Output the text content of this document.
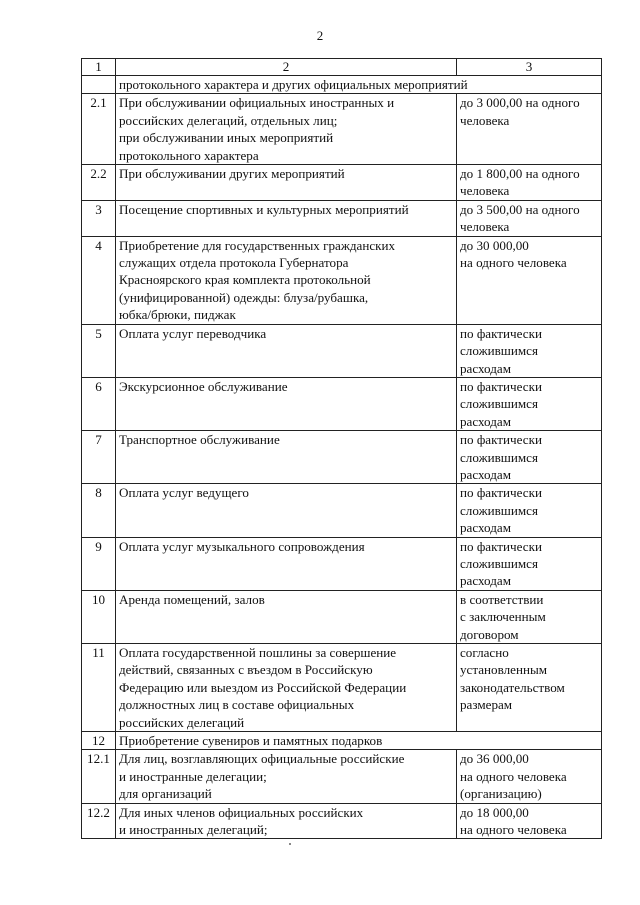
2
1	2	3
	протокольного характера и других официальных мероприятий	
2.1	При обслуживании официальных иностранных и
российских делегаций, отдельных лиц;
при обслуживании иных мероприятий
протокольного характера	до 3 000,00 на одного
человека
2.2	При обслуживании других мероприятий	до 1 800,00 на одного
человека
3	Посещение спортивных и культурных мероприятий	до 3 500,00 на одного
человека
4	Приобретение для государственных гражданских
служащих отдела протокола Губернатора
Красноярского края комплекта протокольной
(унифицированной) одежды: блуза/рубашка,
юбка/брюки, пиджак	до 30 000,00
на одного человека
5	Оплата услуг переводчика	по фактически
сложившимся
расходам
6	Экскурсионное обслуживание	по фактически
сложившимся
расходам
7	Транспортное обслуживание	по фактически
сложившимся
расходам
8	Оплата услуг ведущего	по фактически
сложившимся
расходам
9	Оплата услуг музыкального сопровождения	по фактически
сложившимся
расходам
10	Аренда помещений, залов	в соответствии
с заключенным
договором
11	Оплата государственной пошлины за совершение
действий, связанных с въездом в Российскую
Федерацию или выездом из Российской Федерации
должностных лиц в составе официальных
российских делегаций	согласно
установленным
законодательством
размерам
12	Приобретение сувениров и памятных подарков	
12.1	Для лиц, возглавляющих официальные российские
и иностранные делегации;
для организаций	до 36 000,00
на одного человека
(организацию)
12.2	Для иных членов официальных российских
и иностранных делегаций;	до 18 000,00
на одного человека
